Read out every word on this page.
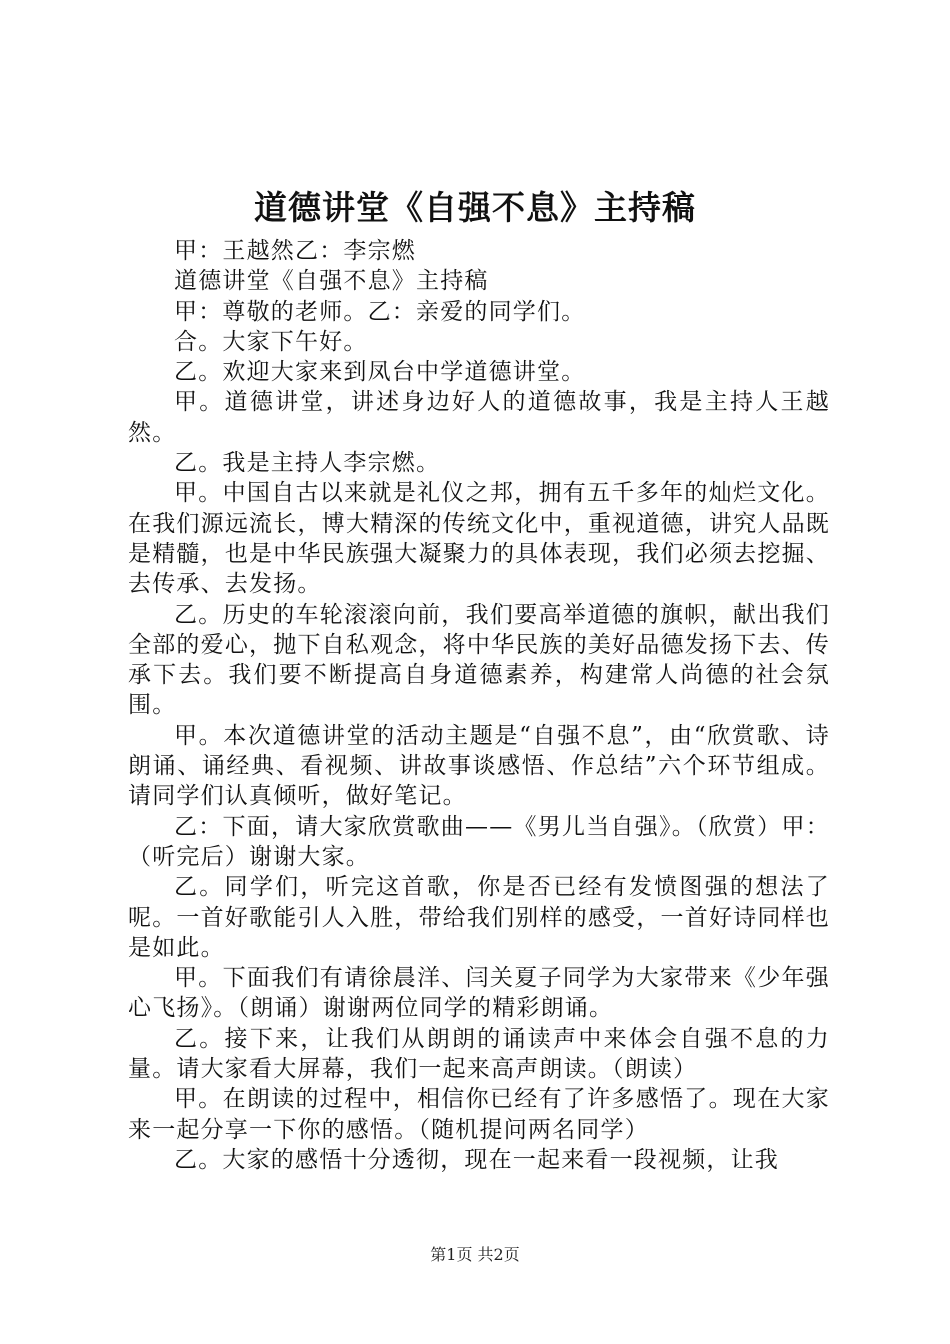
道德讲堂《自强不息》主持稿

甲：王越然乙：李宗燃

道德讲堂《自强不息》主持稿

甲：尊敬的老师。乙：亲爱的同学们。

合。大家下午好。

乙。欢迎大家来到凤台中学道德讲堂。

甲。道德讲堂，讲述身边好人的道德故事，我是主持人王越然。

乙。我是主持人李宗燃。

甲。中国自古以来就是礼仪之邦，拥有五千多年的灿烂文化。在我们源远流长，博大精深的传统文化中，重视道德，讲究人品既是精髓，也是中华民族强大凝聚力的具体表现，我们必须去挖掘、去传承、去发扬。

乙。历史的车轮滚滚向前，我们要高举道德的旗帜，献出我们全部的爱心，抛下自私观念，将中华民族的美好品德发扬下去、传承下去。我们要不断提高自身道德素养，构建常人尚德的社会氛围。

甲。本次道德讲堂的活动主题是“自强不息”，由“欣赏歌、诗朗诵、诵经典、看视频、讲故事谈感悟、作总结”六个环节组成。请同学们认真倾听，做好笔记。

乙：下面，请大家欣赏歌曲——《男儿当自强》。（欣赏）甲：（听完后）谢谢大家。

乙。同学们，听完这首歌，你是否已经有发愤图强的想法了呢。一首好歌能引人入胜，带给我们别样的感受，一首好诗同样也是如此。

甲。下面我们有请徐晨洋、闫关夏子同学为大家带来《少年强心飞扬》。（朗诵）谢谢两位同学的精彩朗诵。

乙。接下来，让我们从朗朗的诵读声中来体会自强不息的力量。请大家看大屏幕，我们一起来高声朗读。（朗读）

甲。在朗读的过程中，相信你已经有了许多感悟了。现在大家来一起分享一下你的感悟。（随机提问两名同学）

乙。大家的感悟十分透彻，现在一起来看一段视频，让我

第1页 共2页
